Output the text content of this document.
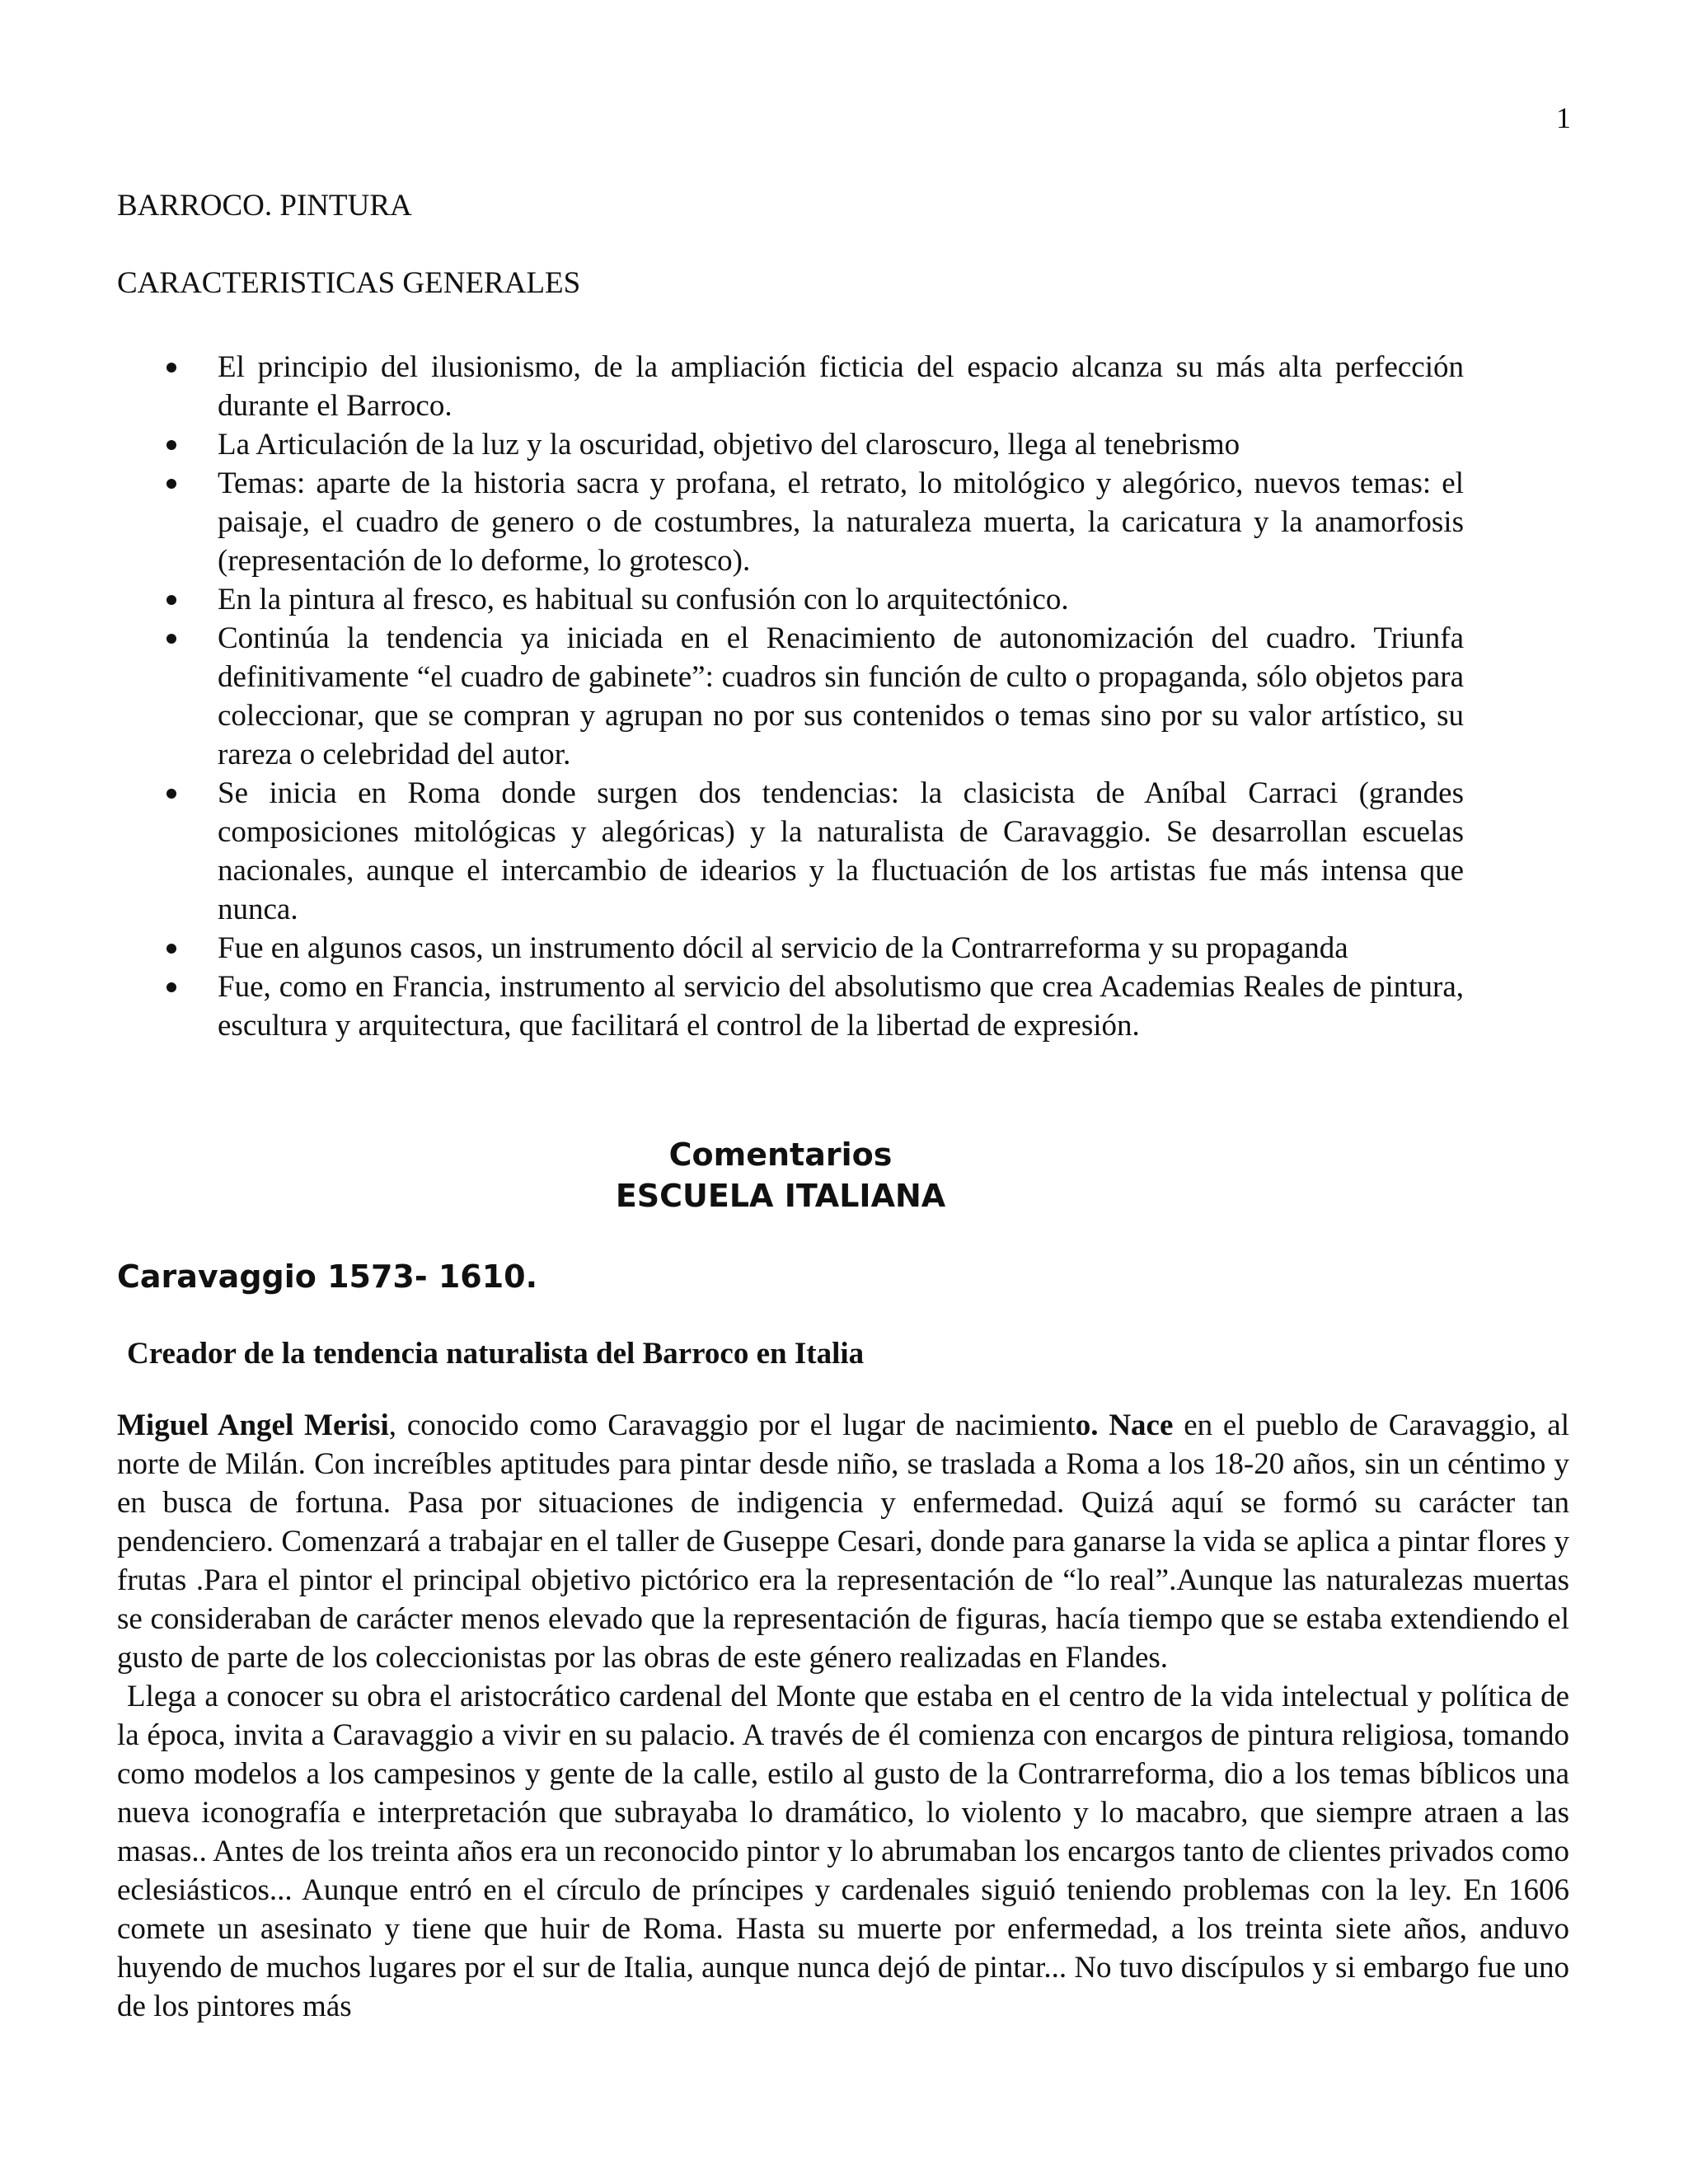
1

BARROCO. PINTURA

CARACTERISTICAS GENERALES

El principio del ilusionismo, de la ampliación ficticia del espacio alcanza su más alta perfección durante el Barroco.
La Articulación de la luz y la oscuridad, objetivo del claroscuro, llega al tenebrismo
Temas: aparte de la historia sacra y profana, el retrato, lo mitológico y alegórico, nuevos temas: el paisaje, el cuadro de genero o de costumbres, la naturaleza muerta, la caricatura y la anamorfosis (representación de lo deforme, lo grotesco).
En la pintura al fresco, es habitual su confusión con lo arquitectónico.
Continúa la tendencia ya iniciada en el Renacimiento de autonomización del cuadro. Triunfa definitivamente “el cuadro de gabinete”: cuadros sin función de culto o propaganda, sólo objetos para coleccionar, que se compran y agrupan no por sus contenidos o temas sino por su valor artístico, su rareza o celebridad del autor.
Se inicia en Roma donde surgen dos tendencias: la clasicista de Aníbal Carraci (grandes composiciones mitológicas y alegóricas) y la naturalista de Caravaggio. Se desarrollan escuelas nacionales, aunque el intercambio de idearios y la fluctuación de los artistas fue más intensa que nunca.
Fue en algunos casos, un instrumento dócil al servicio de la Contrarreforma y su propaganda
Fue, como en Francia, instrumento al servicio del absolutismo que crea Academias Reales de pintura, escultura y arquitectura, que facilitará el control de la libertad de expresión.

Comentarios

ESCUELA ITALIANA

Caravaggio 1573- 1610.

Creador de la tendencia naturalista del Barroco en Italia

Miguel Angel Merisi, conocido como Caravaggio por el lugar de nacimiento. Nace en el pueblo de Caravaggio, al norte de Milán. Con increíbles aptitudes para pintar desde niño, se traslada a Roma a los 18-20 años, sin un céntimo y en busca de fortuna. Pasa por situaciones de indigencia y enfermedad. Quizá aquí se formó su carácter tan pendenciero. Comenzará a trabajar en el taller de Guseppe Cesari, donde para ganarse la vida se aplica a pintar flores y frutas .Para el pintor el principal objetivo pictórico era la representación de “lo real”.Aunque las naturalezas muertas se consideraban de carácter menos elevado que la representación de figuras, hacía tiempo que se estaba extendiendo el gusto de parte de los coleccionistas por las obras de este género realizadas en Flandes.

Llega a conocer su obra el aristocrático cardenal del Monte que estaba en el centro de la vida intelectual y política de la época, invita a Caravaggio a vivir en su palacio. A través de él comienza con encargos de pintura religiosa, tomando como modelos a los campesinos y gente de la calle, estilo al gusto de la Contrarreforma, dio a los temas bíblicos una nueva iconografía e interpretación que subrayaba lo dramático, lo violento y lo macabro, que siempre atraen a las masas.. Antes de los treinta años era un reconocido pintor y lo abrumaban los encargos tanto de clientes privados como eclesiásticos... Aunque entró en el círculo de príncipes y cardenales siguió teniendo problemas con la ley. En 1606 comete un asesinato y tiene que huir de Roma. Hasta su muerte por enfermedad, a los treinta siete años, anduvo huyendo de muchos lugares por el sur de Italia, aunque nunca dejó de pintar... No tuvo discípulos y si embargo fue uno de los pintores más
